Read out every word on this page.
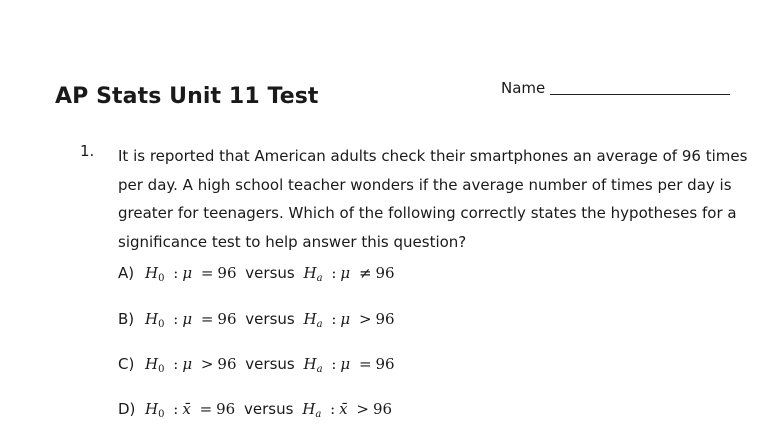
AP Stats Unit 11 Test	Name
1. It is reported that American adults check their smartphones an average of 96 times
per day. A high school teacher wonders if the average number of times per day is
greater for teenagers. Which of the following correctly states the hypotheses for a
significance test to help answer this question?
A) $H_0$ : μ = 96 versus $H_a$ : μ ≠ 96
B) $H_0$ : μ = 96 versus $H_a$ : μ > 96
C) $H_0$ : μ > 96 versus $H_a$ : μ = 96
D) $H_0$ : x̄ = 96 versus $H_a$ : x̄ > 96
